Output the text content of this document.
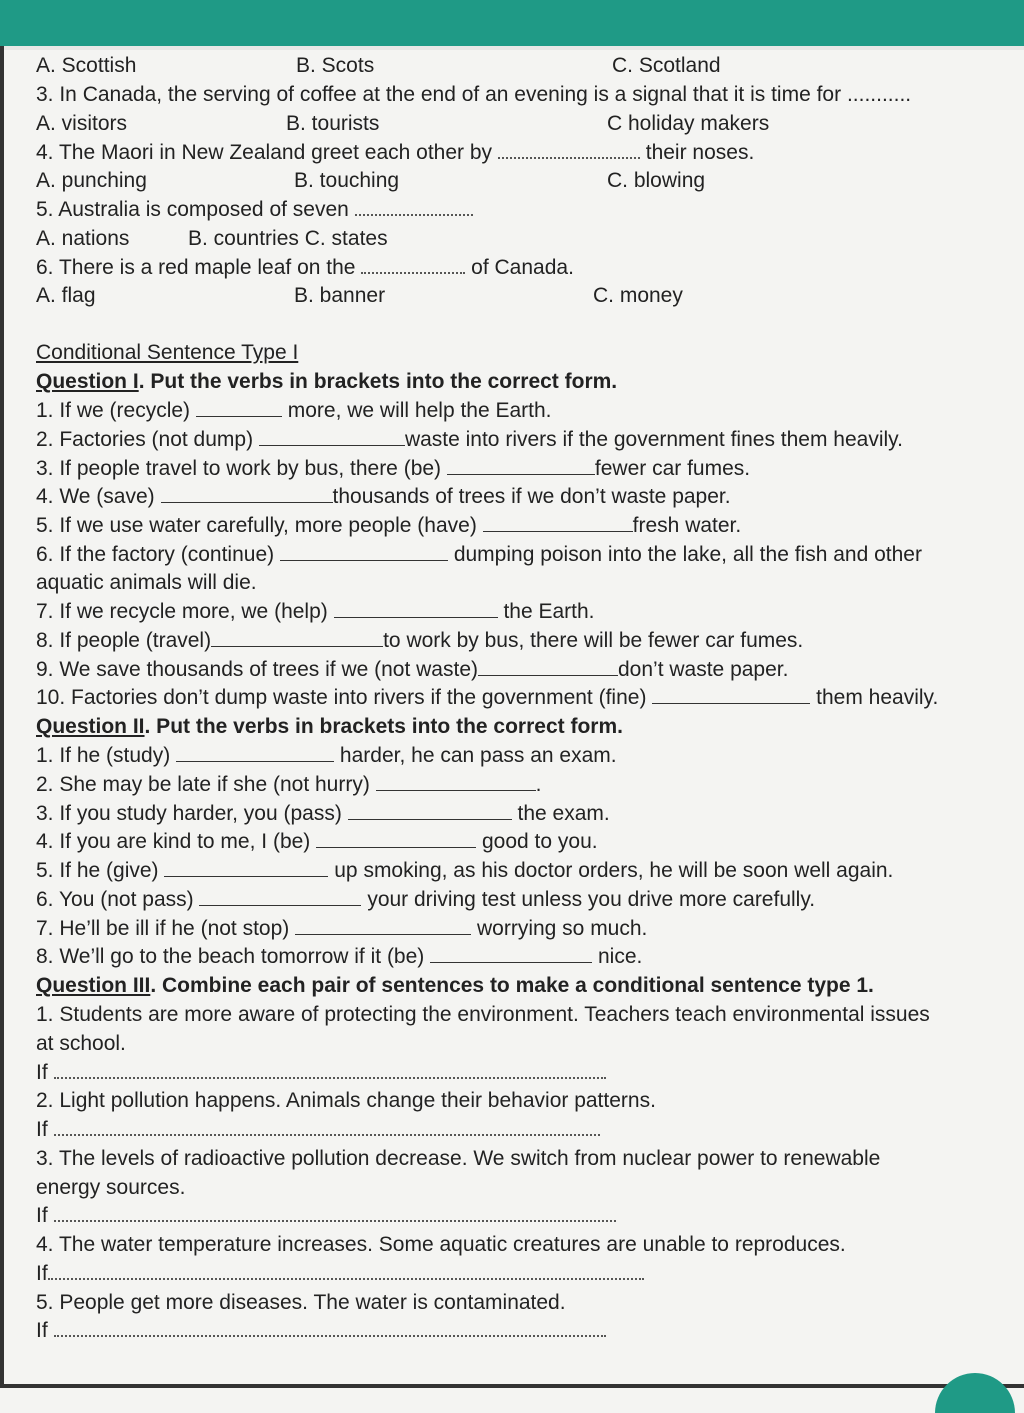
A. Scottish	B. Scots	C. Scotland
3. In Canada, the serving of coffee at the end of an evening is a signal that it is time for ...........
A. visitors	B. tourists	C holiday makers
4. The Maori in New Zealand greet each other by	their noses.
A. punching	B. touching	C. blowing
5. Australia is composed of seven
A. nations	B. countries C. states
6. There is a red maple leaf on the	of Canada.
A. flag	B. banner	C. money
Conditional Sentence Type I
Question I. Put the verbs in brackets into the correct form.
1. If we (recycle)	more, we will help the Earth.
2. Factories (not dump)	waste into rivers if the government fines them heavily.
3. If people travel to work by bus, there (be)	fewer car fumes.
4. We (save)	thousands of trees if we don’t waste paper.
5. If we use water carefully, more people (have)	fresh water.
6. If the factory (continue)	dumping poison into the lake, all the fish and other
aquatic animals will die.
7. If we recycle more, we (help)	the Earth.
8. If people (travel)	to work by bus, there will be fewer car fumes.
9. We save thousands of trees if we (not waste)	don’t waste paper.
10. Factories don’t dump waste into rivers if the government (fine)	them heavily.
Question II. Put the verbs in brackets into the correct form.
1. If he (study)	harder, he can pass an exam.
2. She may be late if she (not hurry)	.
3. If you study harder, you (pass)	the exam.
4. If you are kind to me, I (be)	good to you.
5. If he (give)	up smoking, as his doctor orders, he will be soon well again.
6. You (not pass)	your driving test unless you drive more carefully.
7. He’ll be ill if he (not stop)	worrying so much.
8. We’ll go to the beach tomorrow if it (be)	nice.
Question III. Combine each pair of sentences to make a conditional sentence type 1.
1. Students are more aware of protecting the environment. Teachers teach environmental issues
at school.
If
2. Light pollution happens. Animals change their behavior patterns.
If
3. The levels of radioactive pollution decrease. We switch from nuclear power to renewable
energy sources.
If
4. The water temperature increases. Some aquatic creatures are unable to reproduces.
If
5. People get more diseases. The water is contaminated.
If
